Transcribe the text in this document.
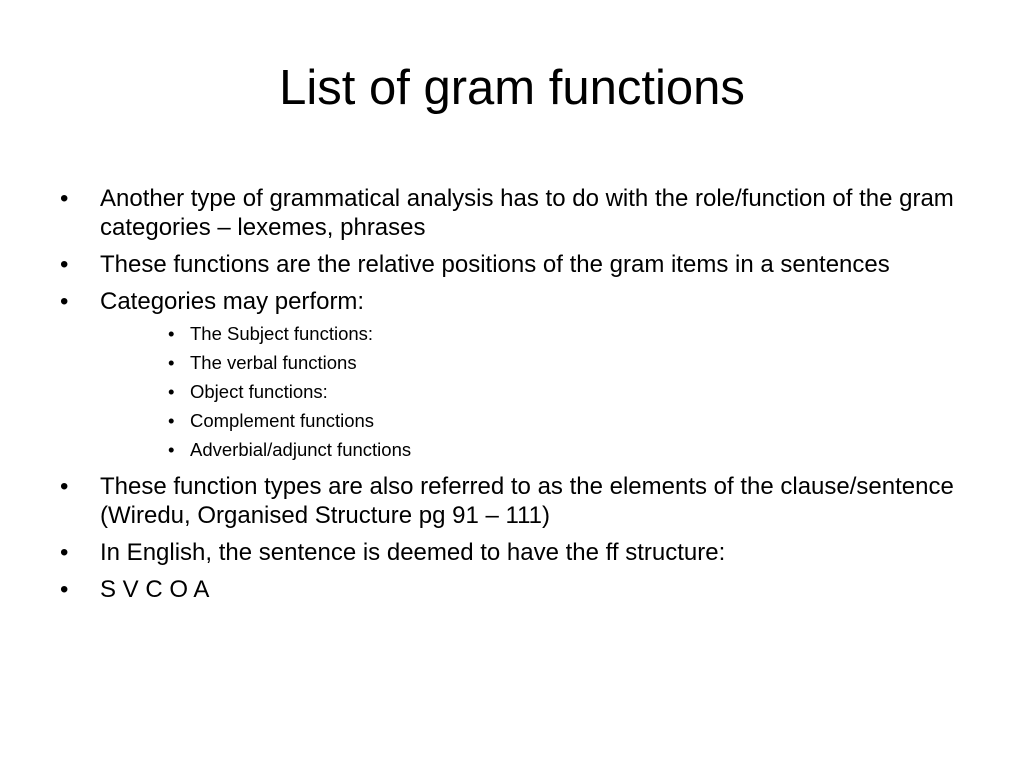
List of gram functions
•	Another type of grammatical analysis has to do with the role/function of the gram categories – lexemes, phrases
•	These functions are the relative positions of the gram items in a sentences
•	Categories may perform:
• The Subject functions:
• The verbal functions
• Object functions:
• Complement functions
• Adverbial/adjunct functions
•	These function types are also referred to as the elements of the clause/sentence (Wiredu, Organised Structure pg 91 – 111)
•	In English, the sentence is deemed to have the ff structure:
•	S V C O A
